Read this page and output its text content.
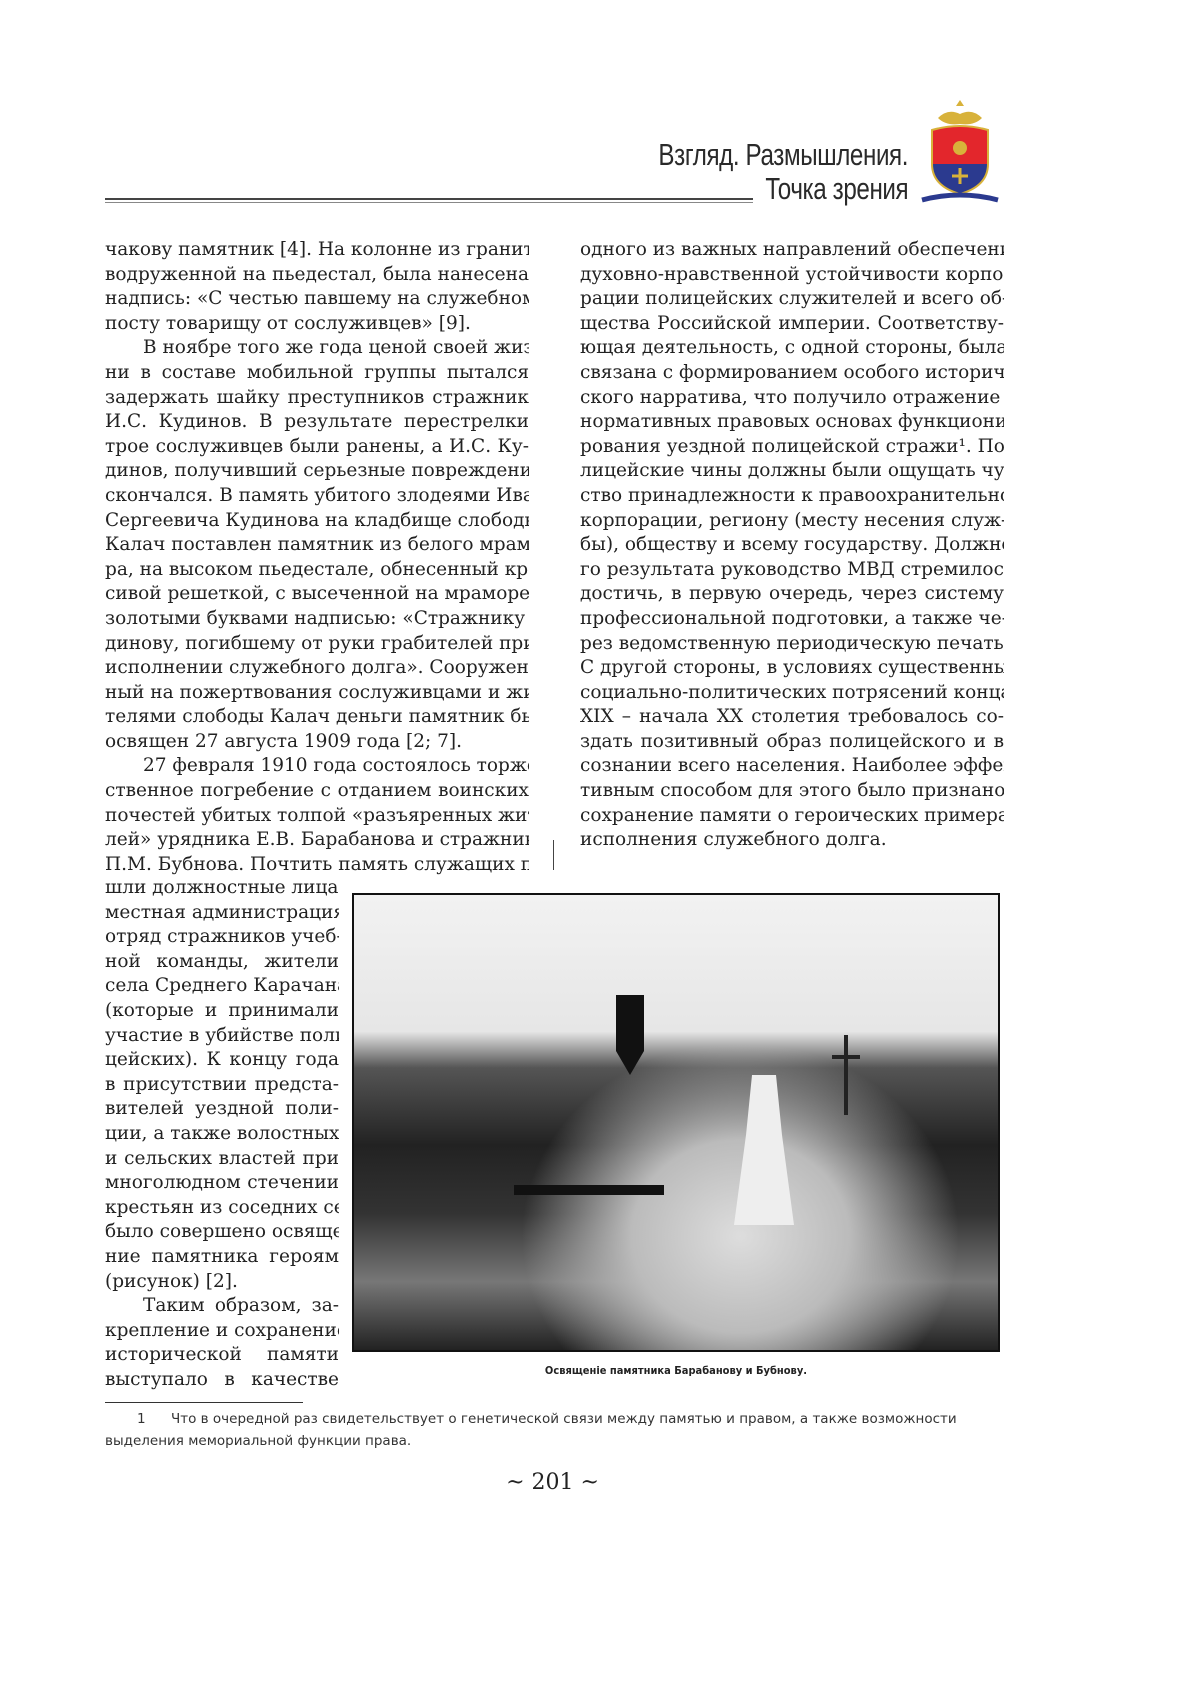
Взгляд. Размышления.
Точка зрения
чакову памятник [4]. На колонне из гранита,
водруженной на пьедестал, была нанесена
надпись: «С честью павшему на служебном
посту товарищу от сослуживцев» [9].
В ноябре того же года ценой своей жиз-
ни в составе мобильной группы пытался
задержать шайку преступников стражник
И.С. Кудинов. В результате перестрелки
трое сослуживцев были ранены, а И.С. Ку-
динов, получивший серьезные повреждения,
скончался. В память убитого злодеями Ивана
Сергеевича Кудинова на кладбище слободы
Калач поставлен памятник из белого мрамо-
ра, на высоком пьедестале, обнесенный кра-
сивой решеткой, с высеченной на мраморе
золотыми буквами надписью: «Стражнику Ку-
динову, погибшему от руки грабителей при
исполнении служебного долга». Сооружен-
ный на пожертвования сослуживцами и жи-
телями слободы Калач деньги памятник был
освящен 27 августа 1909 года [2; 7].
27 февраля 1910 года состоялось торже-
ственное погребение с отданием воинских
почестей убитых толпой «разъяренных жите-
лей» урядника Е.В. Барабанова и стражника
П.М. Бубнова. Почтить память служащих при-
шли должностные лица и
местная администрация,
отряд стражников учеб-
ной команды, жители
села Среднего Карачана
(которые и принимали
участие в убийстве поли-
цейских). К концу года
в присутствии предста-
вителей уездной поли-
ции, а также волостных
и сельских властей при
многолюдном стечении
крестьян из соседних сел
было совершено освяще-
ние памятника героям
(рисунок) [2].
Таким образом, за-
крепление и сохранение
исторической памяти
выступало в качестве
одного из важных направлений обеспечения
духовно-нравственной устойчивости корпо-
рации полицейских служителей и всего об-
щества Российской империи. Соответству-
ющая деятельность, с одной стороны, была
связана с формированием особого историче-
ского нарратива, что получило отражение в
нормативных правовых основах функциони-
рования уездной полицейской стражи¹. По-
лицейские чины должны были ощущать чув-
ство принадлежности к правоохранительной
корпорации, региону (месту несения служ-
бы), обществу и всему государству. Должно-
го результата руководство МВД стремилось
достичь, в первую очередь, через систему
профессиональной подготовки, а также че-
рез ведомственную периодическую печать.
С другой стороны, в условиях существенных
социально-политических потрясений конца
XIX – начала XX столетия требовалось со-
здать позитивный образ полицейского и в
сознании всего населения. Наиболее эффек-
тивным способом для этого было признано
сохранение памяти о героических примерах
исполнения служебного долга.
Освященіе памятника Барабанову и Бубнову.
1 Что в очередной раз свидетельствует о генетической связи между памятью и правом, а также возможности выделения мемориальной функции права.
~ 201 ~
